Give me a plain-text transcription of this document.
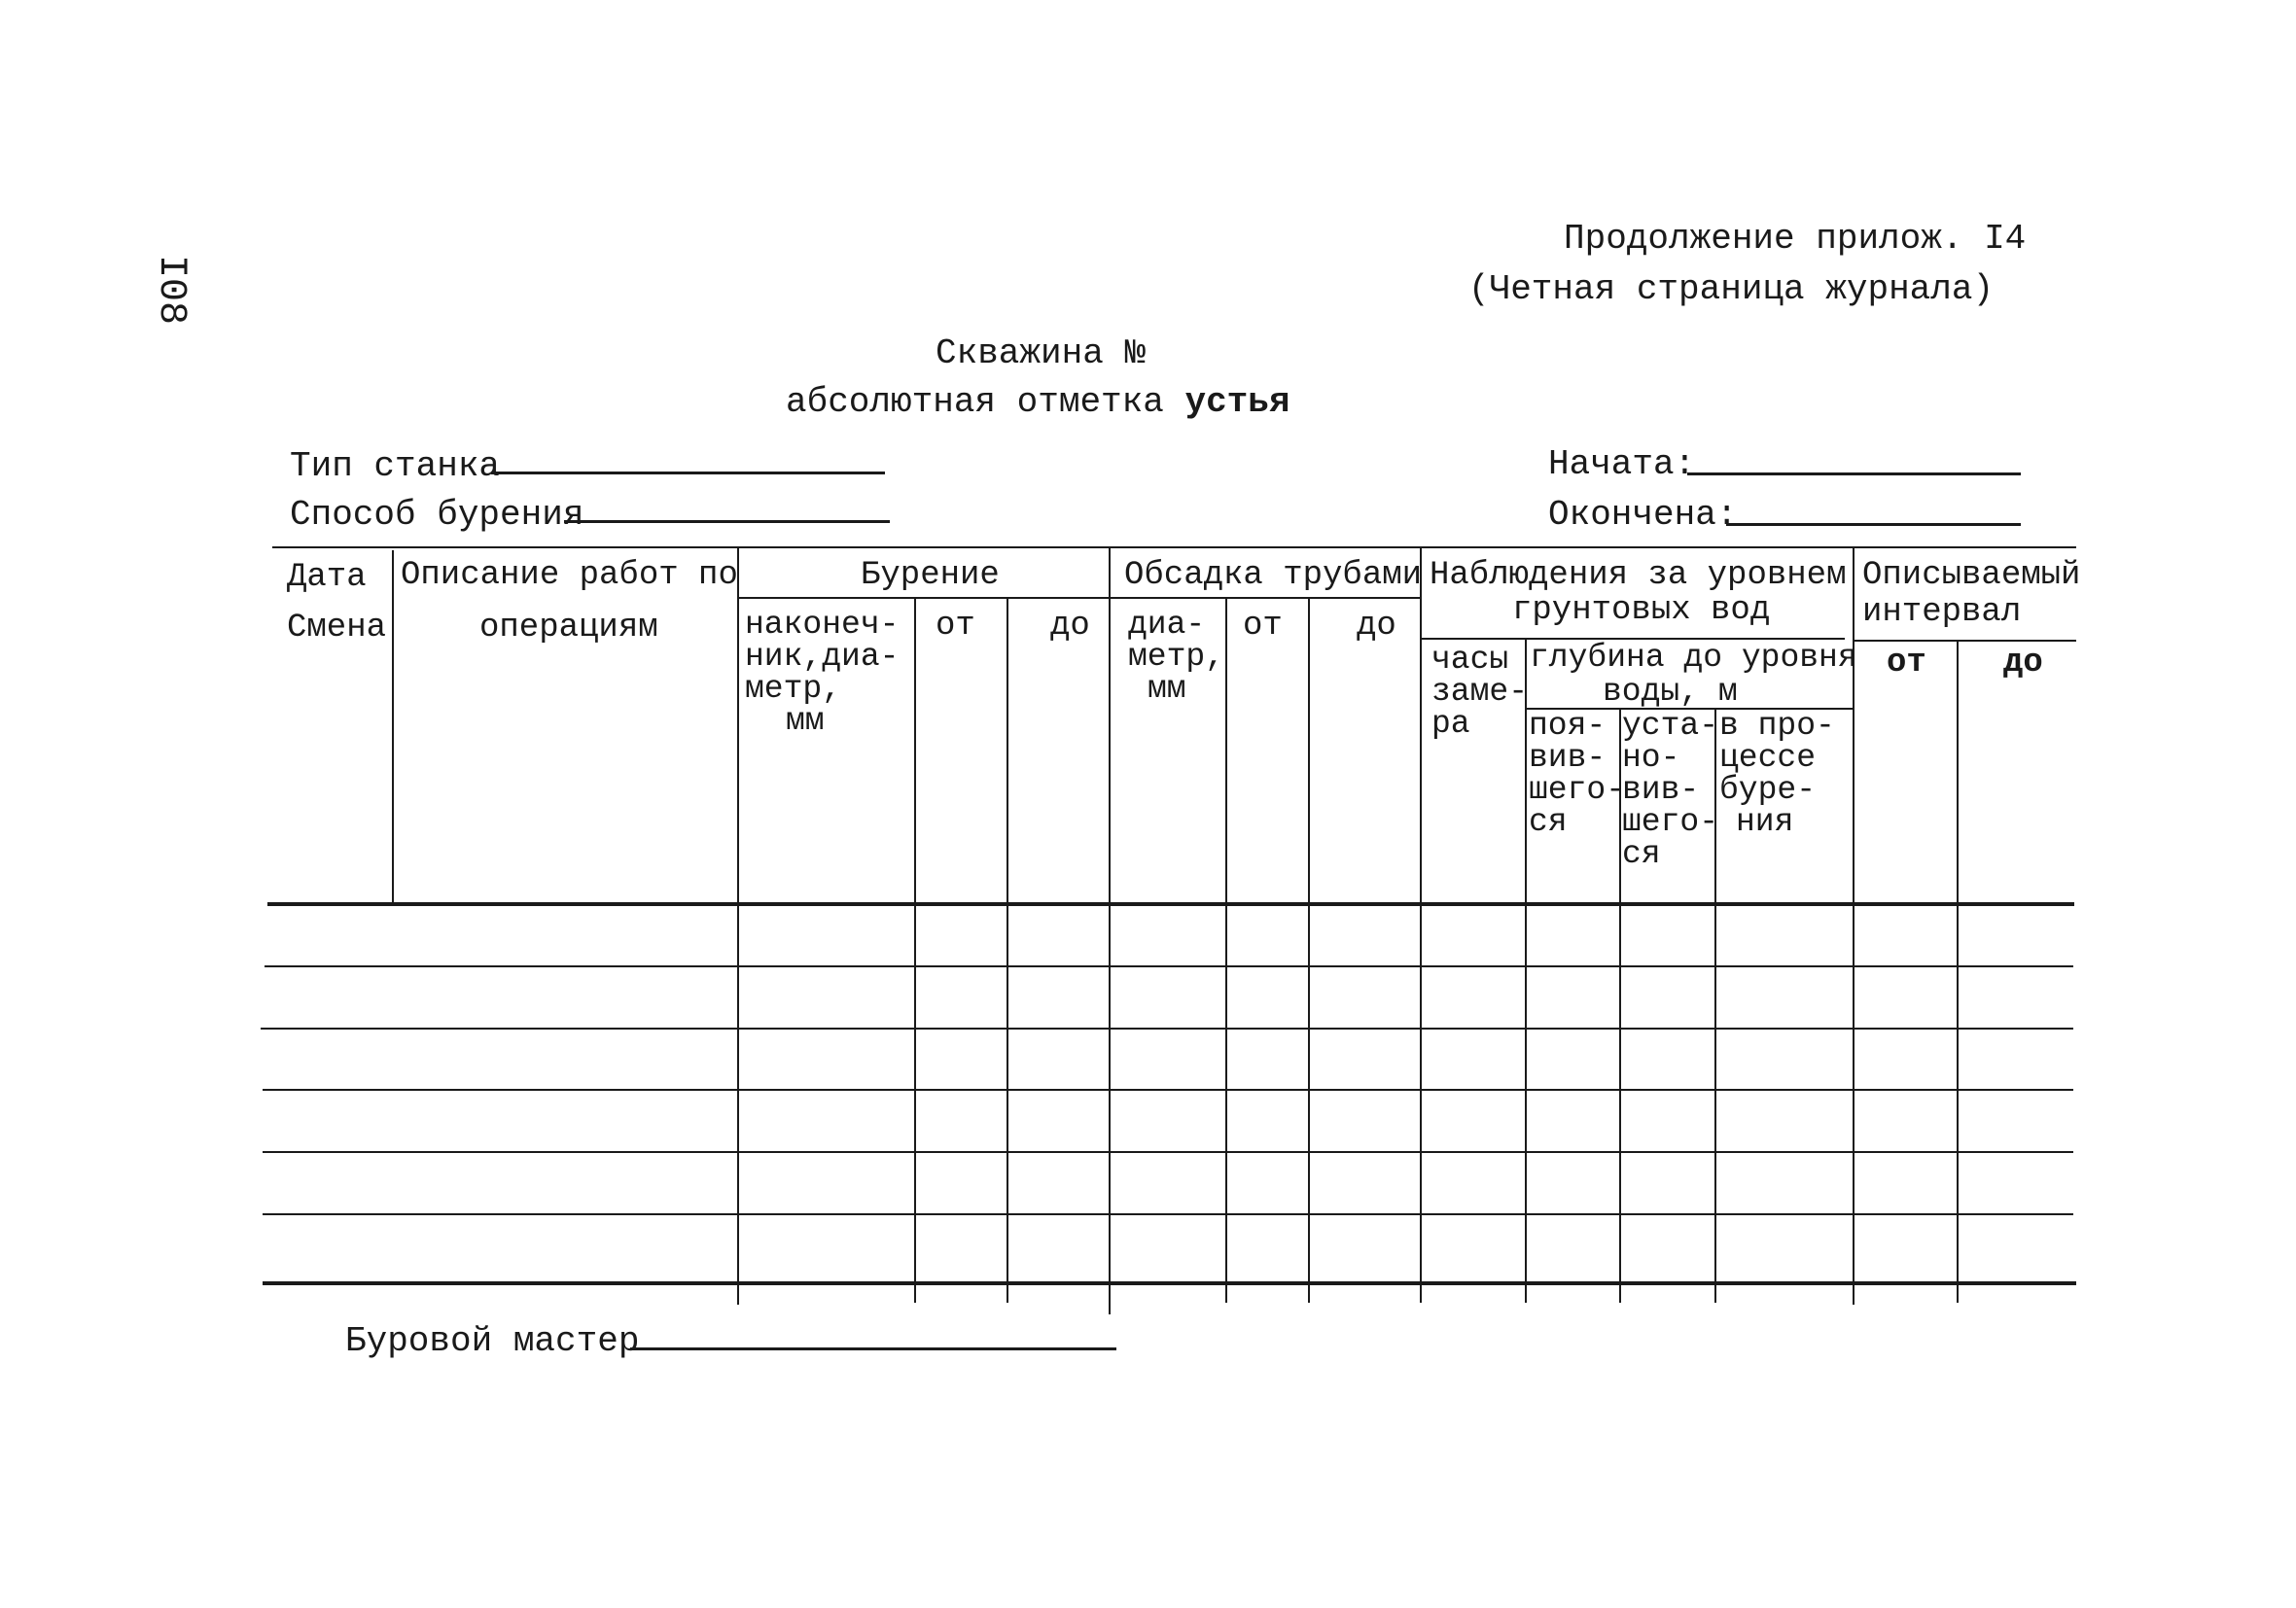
I08
Продолжение прилож. I4
(Четная страница журнала)
Скважина №
абсолютная отметка устья
Тип станка
Способ бурения
Начата:
Окончена:
Дата
Смена
Описание работ по
операциям
Бурение
наконеч-
ник,диа-
метр,
мм
от до
Обсадка трубами
диа-
метр,
мм
от до
Наблюдения за уровнем
грунтовых вод
часы
заме-
ра
глубина до уровня
воды, м
поя-
вив-
шего-
ся
уста-
но-
вив-
шего-
ся
в про-
цессе
буре-
ния
Описываемый
интервал
от до
Буровой мастер
